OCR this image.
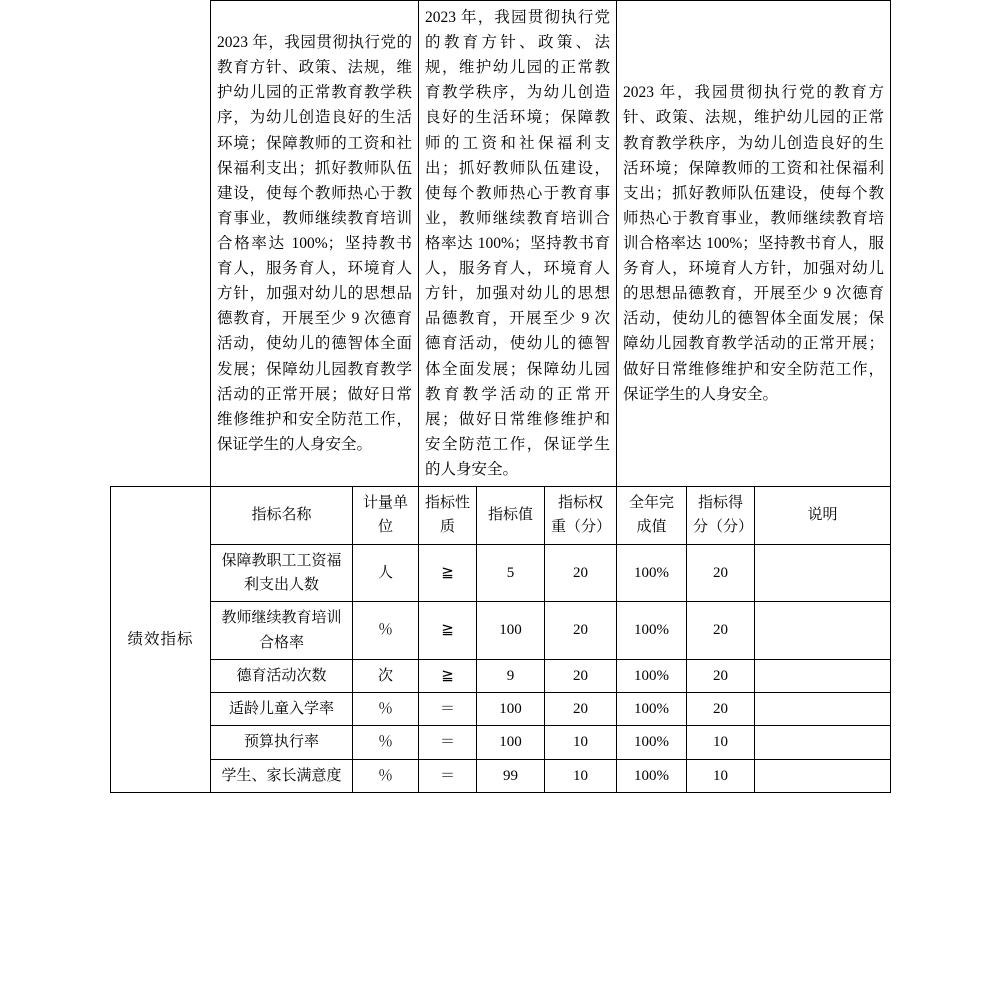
	2023 年，我园贯彻执行党的教育方针、政策、法规，维护幼儿园的正常教育教学秩序，为幼儿创造良好的生活环境；保障教师的工资和社保福利支出；抓好教师队伍建设，使每个教师热心于教育事业，教师继续教育培训合格率达 100%；坚持教书育人，服务育人，环境育人方针，加强对幼儿的思想品德教育，开展至少 9 次德育活动，使幼儿的德智体全面发展；保障幼儿园教育教学活动的正常开展；做好日常维修维护和安全防范工作，保证学生的人身安全。	2023 年，我园贯彻执行党的教育方针、政策、法规，维护幼儿园的正常教育教学秩序，为幼儿创造良好的生活环境；保障教师的工资和社保福利支出；抓好教师队伍建设，使每个教师热心于教育事业，教师继续教育培训合格率达 100%；坚持教书育人，服务育人，环境育人方针，加强对幼儿的思想品德教育，开展至少 9 次德育活动，使幼儿的德智体全面发展；保障幼儿园教育教学活动的正常开展；做好日常维修维护和安全防范工作，保证学生的人身安全。	2023 年，我园贯彻执行党的教育方针、政策、法规，维护幼儿园的正常教育教学秩序，为幼儿创造良好的生活环境；保障教师的工资和社保福利支出；抓好教师队伍建设，使每个教师热心于教育事业，教师继续教育培训合格率达 100%；坚持教书育人，服务育人，环境育人方针，加强对幼儿的思想品德教育，开展至少 9 次德育活动，使幼儿的德智体全面发展；保障幼儿园教育教学活动的正常开展；做好日常维修维护和安全防范工作，保证学生的人身安全。
绩效指标	指标名称	计量单位	指标性质	指标值	指标权重（分）	全年完成值	指标得分（分）	说明
	保障教职工工资福利支出人数	人	≧	5	20	100%	20	
	教师继续教育培训合格率	％	≧	100	20	100%	20	
	德育活动次数	次	≧	9	20	100%	20	
	适龄儿童入学率	％	＝	100	20	100%	20	
	预算执行率	％	＝	100	10	100%	10	
	学生、家长满意度	％	＝	99	10	100%	10	
